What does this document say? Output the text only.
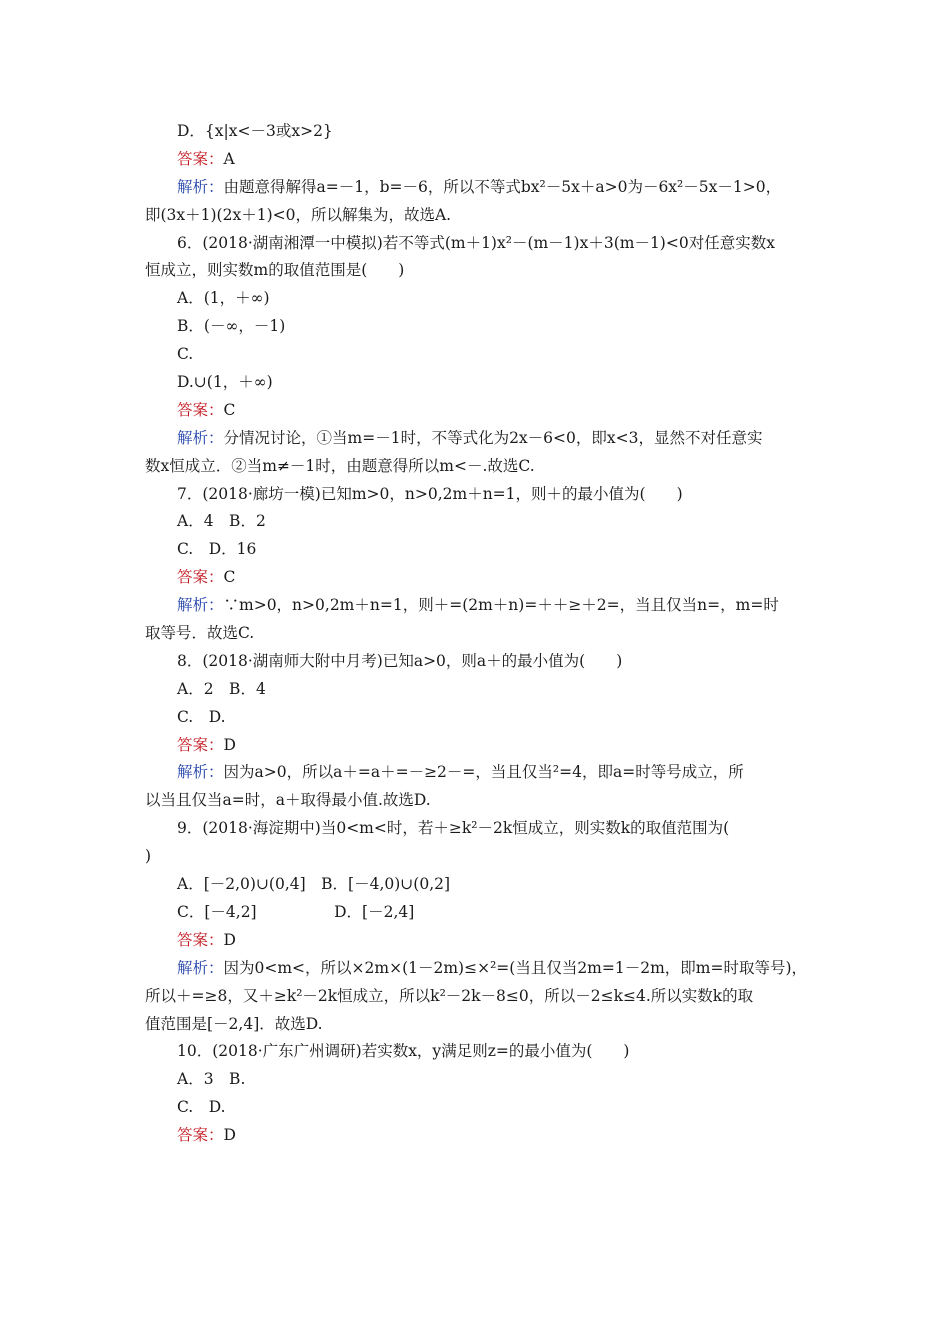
D．{x|x<－3或x>2}
答案：A
解析：由题意得解得a=－1，b=－6，所以不等式bx²－5x＋a>0为－6x²－5x－1>0，
即(3x＋1)(2x＋1)<0，所以解集为，故选A.
6．(2018·湖南湘潭一中模拟)若不等式(m＋1)x²－(m－1)x＋3(m－1)<0对任意实数x
恒成立，则实数m的取值范围是(　　)
A．(1，＋∞)
B．(－∞，－1)
C.
D.∪(1，＋∞)
答案：C
解析：分情况讨论，①当m=－1时，不等式化为2x－6<0，即x<3，显然不对任意实
数x恒成立．②当m≠－1时，由题意得所以m<－.故选C.
7．(2018·廊坊一模)已知m>0，n>0,2m＋n=1，则＋的最小值为(　　)
A．4　B．2
C.　D．16
答案：C
解析：∵m>0，n>0,2m＋n=1，则＋=(2m＋n)=＋＋≥＋2=，当且仅当n=，m=时
取等号．故选C.
8．(2018·湖南师大附中月考)已知a>0，则a＋的最小值为(　　)
A．2　B．4
C.　D.
答案：D
解析：因为a>0，所以a＋=a＋=－≥2－=，当且仅当²=4，即a=时等号成立，所
以当且仅当a=时，a＋取得最小值.故选D.
9．(2018·海淀期中)当0<m<时，若＋≥k²－2k恒成立，则实数k的取值范围为(
)
A．[－2,0)∪(0,4]　B．[－4,0)∪(0,2]
C．[－4,2]　　　　　D．[－2,4]
答案：D
解析：因为0<m<，所以×2m×(1－2m)≤×²=(当且仅当2m=1－2m，即m=时取等号)，
所以＋=≥8，又＋≥k²－2k恒成立，所以k²－2k－8≤0，所以－2≤k≤4.所以实数k的取
值范围是[－2,4]．故选D.
10．(2018·广东广州调研)若实数x，y满足则z=的最小值为(　　)
A．3　B.
C.　D.
答案：D
